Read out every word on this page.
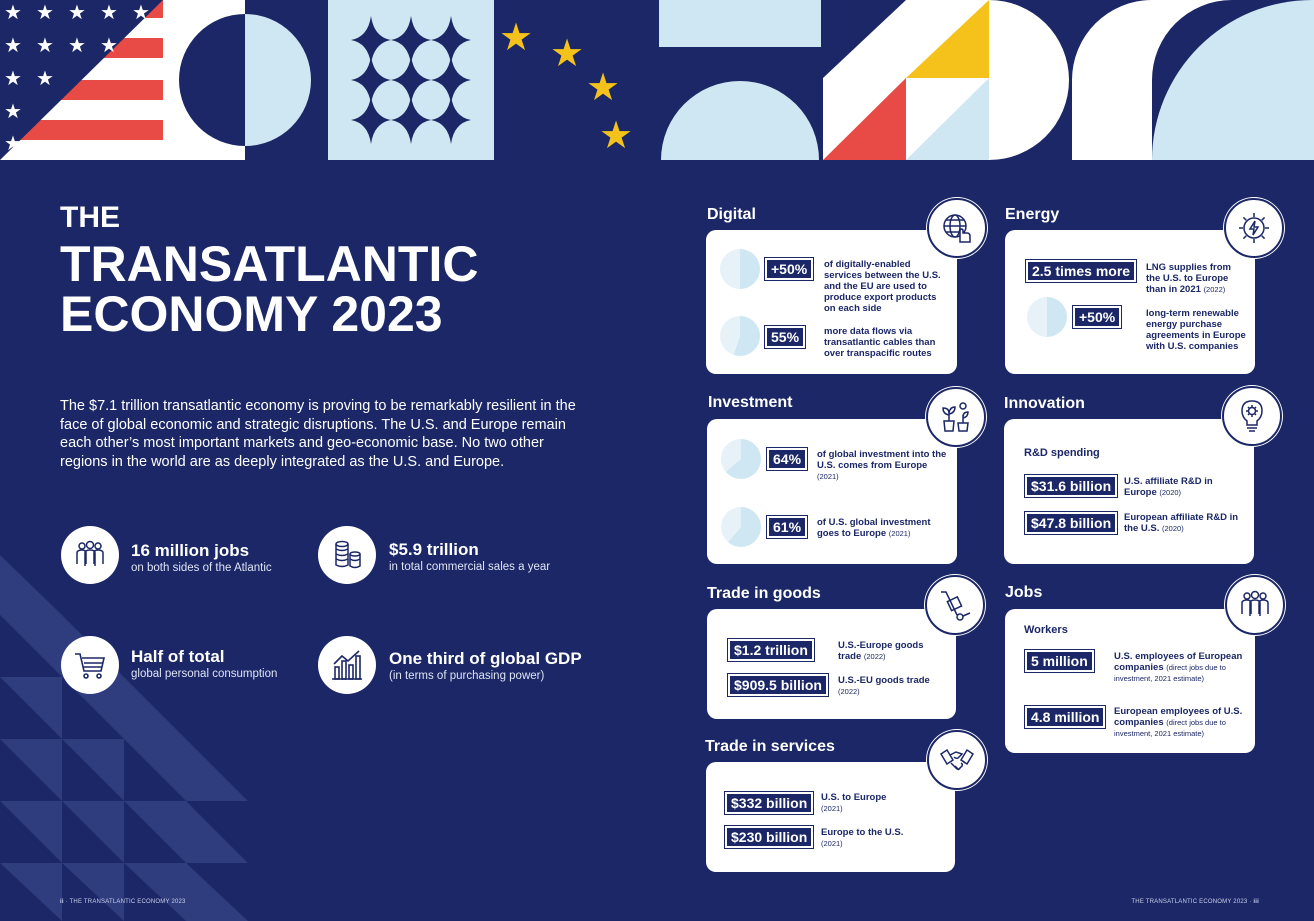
★ ★ ★ ★ ★
★ ★ ★ ★
★ ★
★
★
★ ★
★
★
THE
TRANSATLANTIC
ECONOMY 2023
The $7.1 trillion transatlantic economy is proving to be remarkably resilient in the face of global economic and strategic disruptions. The U.S. and Europe remain each other’s most important markets and geo-economic base. No two other regions in the world are as deeply integrated as the U.S. and Europe.
16 million jobs
on both sides of the Atlantic
$5.9 trillion
in total commercial sales a year
Half of total
global personal consumption
One third of global GDP
(in terms of purchasing power)
Digital
+50%	of digitally-enabled services between the U.S. and the EU are used to produce export products on each side
55%	more data flows via transatlantic cables than over transpacific routes
Energy
2.5 times more	LNG supplies from the U.S. to Europe than in 2021 (2022)
+50%	long-term renewable energy purchase agreements in Europe with U.S. companies
Investment
64%	of global investment into the U.S. comes from Europe
(2021)
61%	of U.S. global investment goes to Europe (2021)
Innovation
R&D spending
$31.6 billion	U.S. affiliate R&D in Europe (2020)
$47.8 billion	European affiliate R&D in the U.S. (2020)
Trade in goods
$1.2 trillion	U.S.-Europe goods trade (2022)
$909.5 billion	U.S.-EU goods trade
(2022)
Jobs
Workers
5 million	U.S. employees of European companies (direct jobs due to investment, 2021 estimate)
4.8 million	European employees of U.S. companies (direct jobs due to investment, 2021 estimate)
Trade in services
$332 billion	U.S. to Europe
(2021)
$230 billion	Europe to the U.S.
(2021)
ii · THE TRANSATLANTIC ECONOMY 2023	THE TRANSATLANTIC ECONOMY 2023 · iii
